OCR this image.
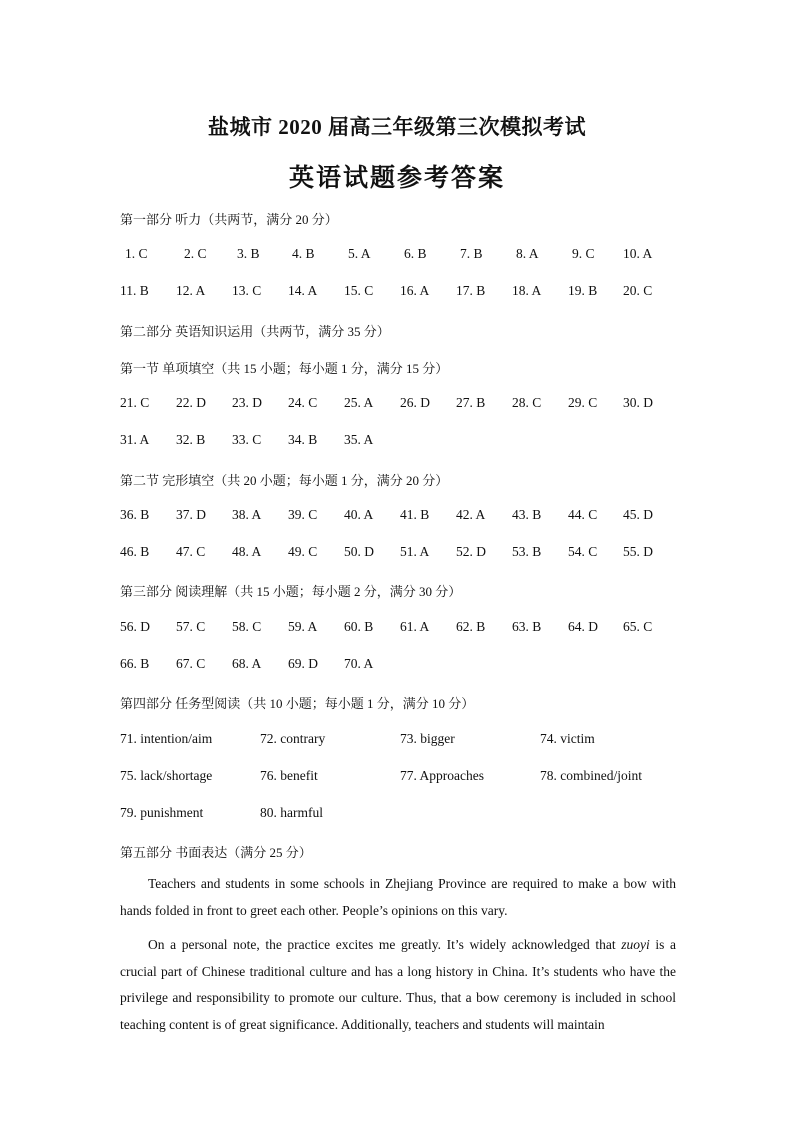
盐城市 2020 届高三年级第三次模拟考试
英语试题参考答案
第一部分 听力（共两节，满分 20 分）
1. C	2. C 3. B 4. B 5. A 6. B 7. B 8. A 9. C 10. A
11. B 12. A 13. C 14. A 15. C 16. A 17. B 18. A 19. B 20. C
第二部分 英语知识运用（共两节，满分 35 分）
第一节 单项填空（共 15 小题；每小题 1 分，满分 15 分）
21. C 22. D 23. D 24. C 25. A 26. D 27. B 28. C 29. C 30. D
31. A 32. B 33. C 34. B 35. A
第二节 完形填空（共 20 小题；每小题 1 分，满分 20 分）
36. B 37. D 38. A 39. C 40. A 41. B 42. A 43. B 44. C 45. D
46. B 47. C 48. A 49. C 50. D 51. A 52. D 53. B 54. C 55. D
第三部分 阅读理解（共 15 小题；每小题 2 分，满分 30 分）
56. D 57. C 58. C 59. A 60. B 61. A 62. B 63. B 64. D 65. C
66. B 67. C 68. A 69. D 70. A
第四部分 任务型阅读（共 10 小题；每小题 1 分，满分 10 分）
71. intention/aim	72. contrary	73. bigger	74. victim
75. lack/shortage	76. benefit	77. Approaches	78. combined/joint
79. punishment	80. harmful
第五部分 书面表达（满分 25 分）
Teachers and students in some schools in Zhejiang Province are required to make a bow with hands folded in front to greet each other. People’s opinions on this vary.
On a personal note, the practice excites me greatly. It’s widely acknowledged that zuoyi is a crucial part of Chinese traditional culture and has a long history in China. It’s students who have the privilege and responsibility to promote our culture. Thus, that a bow ceremony is included in school teaching content is of great significance. Additionally, teachers and students will maintain
